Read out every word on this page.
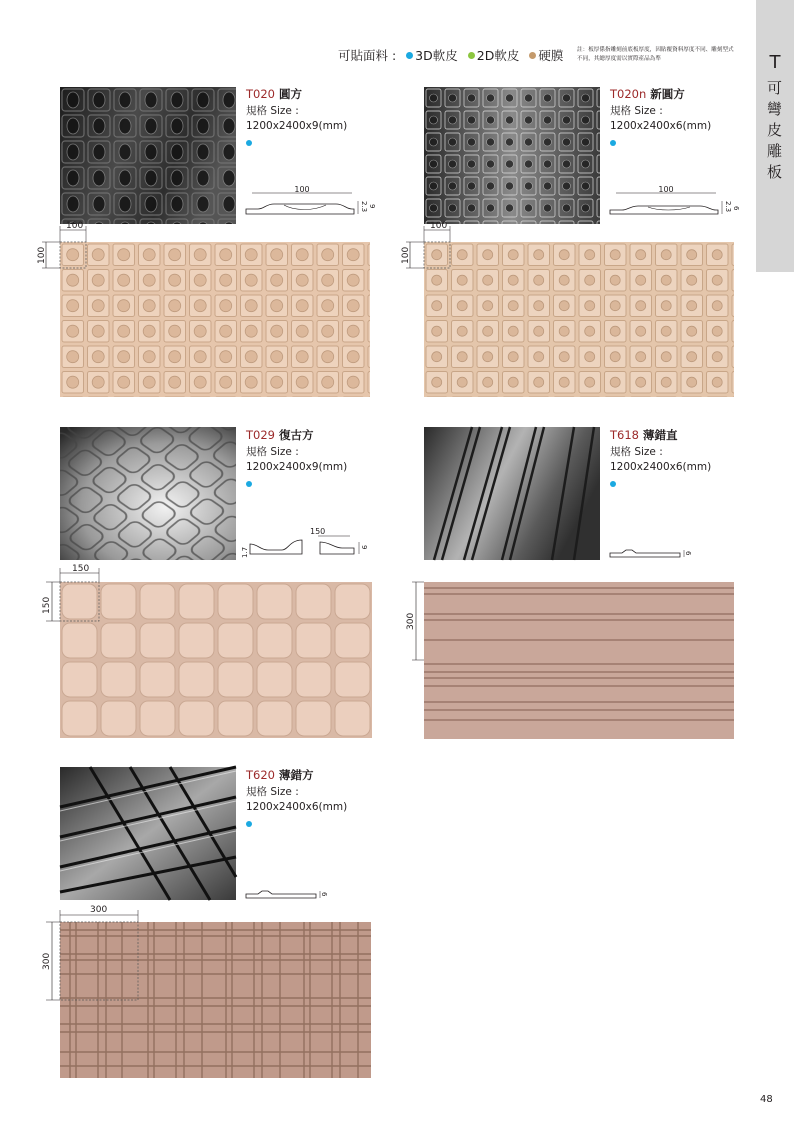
T
可
彎
皮
雕
板
可貼面料 : 3D軟皮 2D軟皮 硬膜 註：板厚係指雕刻前底板厚度，因貼覆資料厚度不同、雕刻型式不同，其總厚度需以實際產品為準
T020 圓方
規格 Size :
1200x2400x9(mm)
100
2.3 9
100
100
T020n 新圓方
規格 Size :
1200x2400x6(mm)
100
2.3 6
100
100
T029 復古方
規格 Size :
1200x2400x9(mm)
150
1.7	9
150
150
T618 薄錯直
規格 Size :
1200x2400x6(mm)
6
300
T620 薄錯方
規格 Size :
1200x2400x6(mm)
6
300
300
48
